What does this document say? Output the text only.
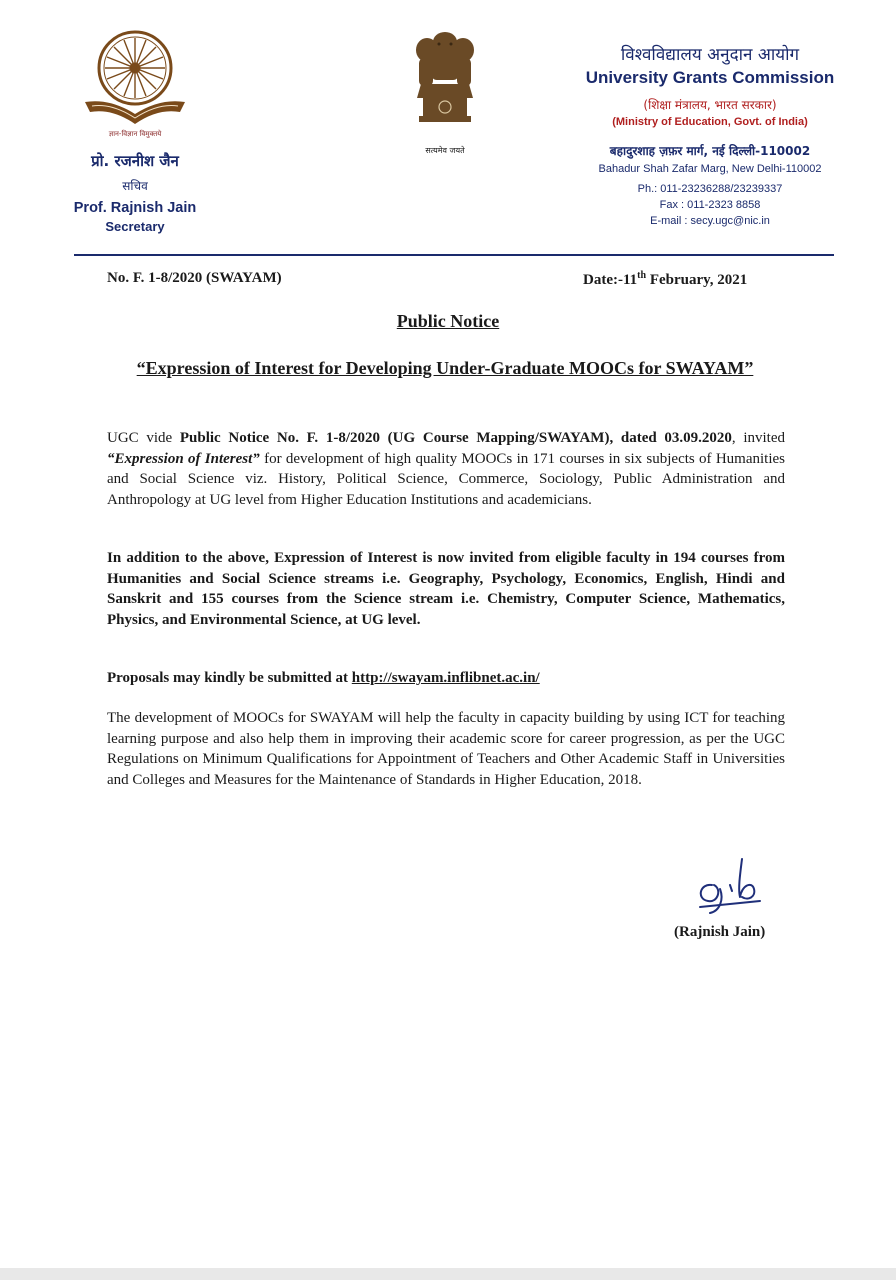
ज्ञान-विज्ञान विमुक्तये
प्रो. रजनीश जैन
सचिव
Prof. Rajnish Jain
Secretary
सत्यमेव जयते
विश्वविद्यालय अनुदान आयोग
University Grants Commission
(शिक्षा मंत्रालय, भारत सरकार)
(Ministry of Education, Govt. of India)
बहादुरशाह ज़फ़र मार्ग, नई दिल्ली-110002
Bahadur Shah Zafar Marg, New Delhi-110002
Ph.: 011-23236288/23239337
Fax : 011-2323 8858
E-mail : secy.ugc@nic.in
No. F. 1-8/2020 (SWAYAM)	Date:-11th February, 2021
Public Notice
“Expression of Interest for Developing Under-Graduate MOOCs for SWAYAM”
UGC vide Public Notice No. F. 1-8/2020 (UG Course Mapping/SWAYAM), dated 03.09.2020, invited “Expression of Interest” for development of high quality MOOCs in 171 courses in six subjects of Humanities and Social Science viz. History, Political Science, Commerce, Sociology, Public Administration and Anthropology at UG level from Higher Education Institutions and academicians.
In addition to the above, Expression of Interest is now invited from eligible faculty in 194 courses from Humanities and Social Science streams i.e. Geography, Psychology, Economics, English, Hindi and Sanskrit and 155 courses from the Science stream i.e. Chemistry, Computer Science, Mathematics, Physics, and Environmental Science, at UG level.
Proposals may kindly be submitted at http://swayam.inflibnet.ac.in/
The development of MOOCs for SWAYAM will help the faculty in capacity building by using ICT for teaching learning purpose and also help them in improving their academic score for career progression, as per the UGC Regulations on Minimum Qualifications for Appointment of Teachers and Other Academic Staff in Universities and Colleges and Measures for the Maintenance of Standards in Higher Education, 2018.
(Rajnish Jain)
